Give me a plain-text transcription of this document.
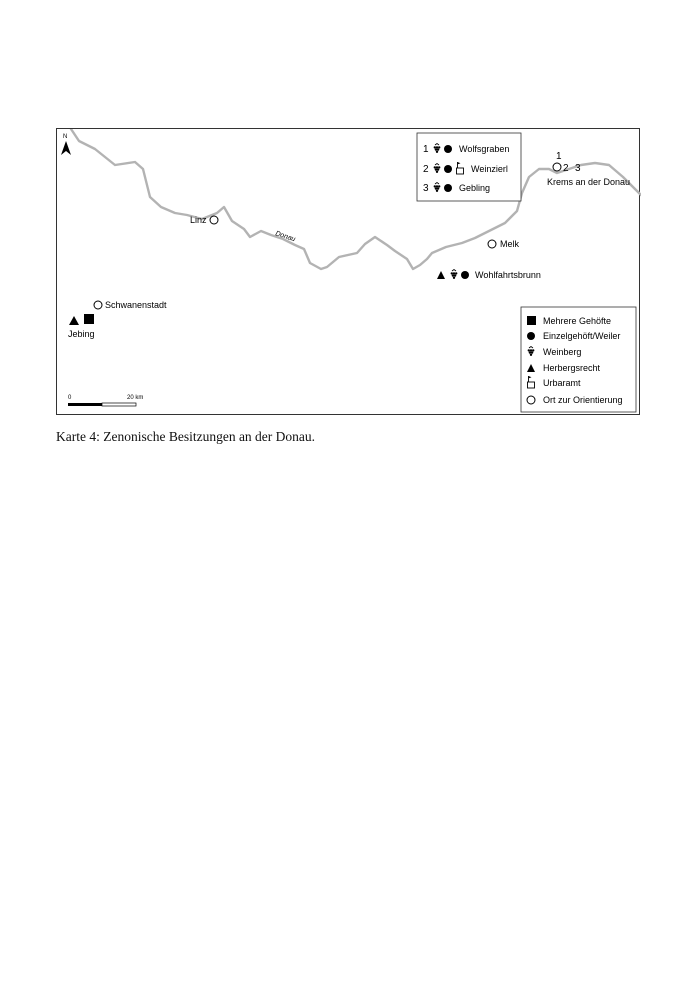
Donau
N
Linz
Melk
Wohlfahrtsbrunn
1
2 3
Krems an der Donau
Schwanenstadt
Jebing
1	Wolfsgraben
2	Weinzierl
3	Gebling
Mehrere Gehöfte
Einzelgehöft/Weiler
Weinberg
Herbergsrecht
Urbaramt
Ort zur Orientierung
0	20 km
Karte 4: Zenonische Besitzungen an der Donau.
